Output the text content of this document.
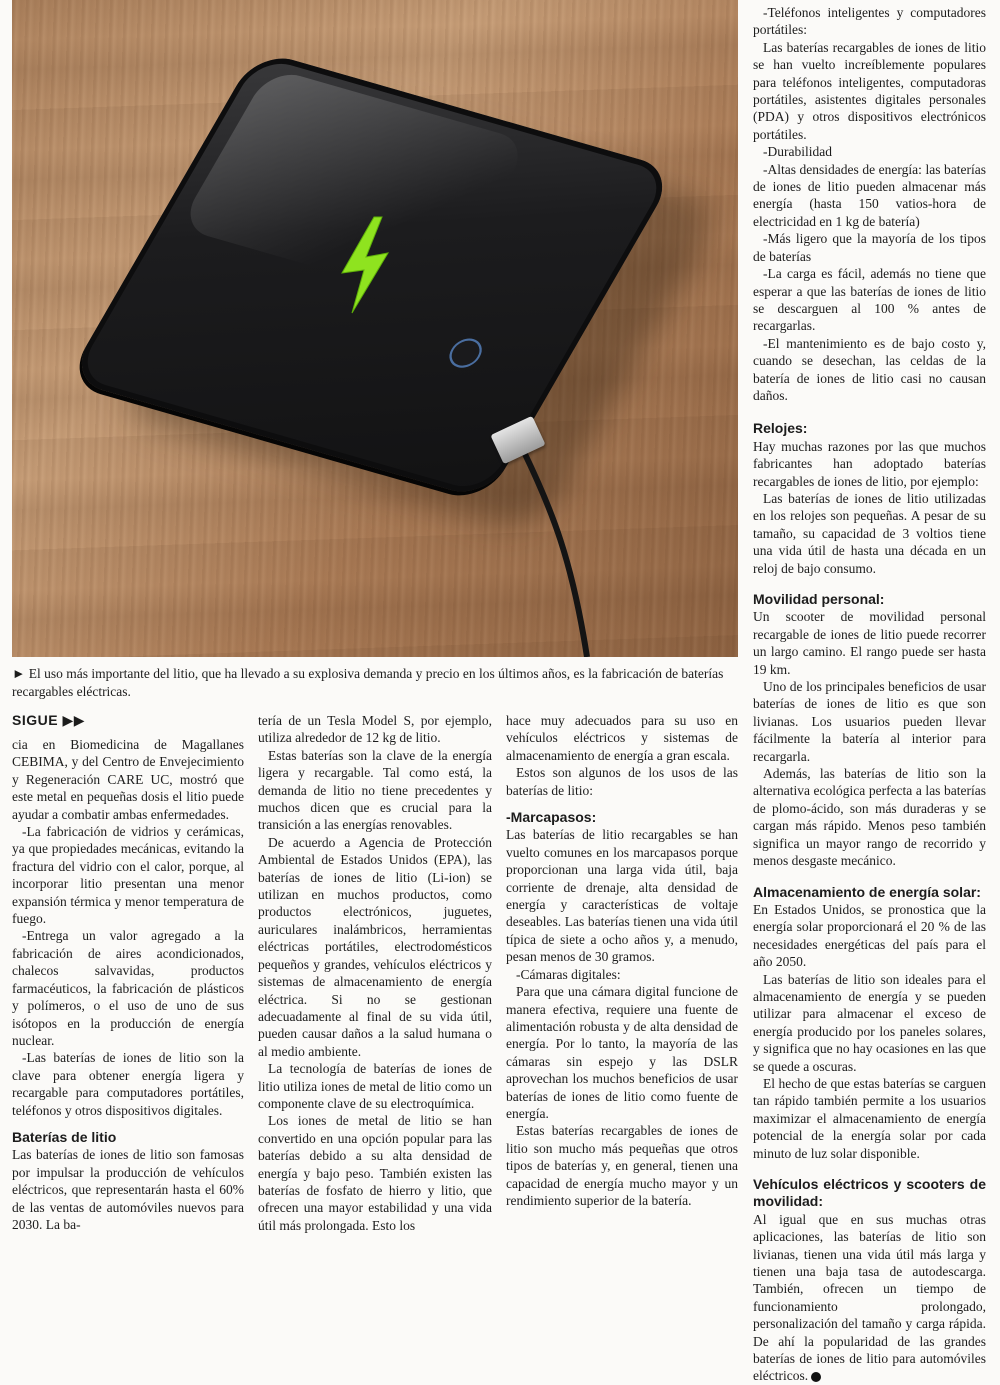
► El uso más importante del litio, que ha llevado a su explosiva demanda y precio en los últimos años, es la fabricación de baterías recargables eléctricas.
SIGUE ▶▶

cia en Biomedicina de Magallanes CEBIMA, y del Centro de Envejecimiento y Regeneración CARE UC, mostró que este metal en pequeñas dosis el litio puede ayudar a combatir ambas enfermedades.

-La fabricación de vidrios y cerámicas, ya que propiedades mecánicas, evitando la fractura del vidrio con el calor, porque, al incorporar litio presentan una menor expansión térmica y menor temperatura de fuego.

-Entrega un valor agregado a la fabricación de aires acondicionados, chalecos salvavidas, productos farmacéuticos, la fabricación de plásticos y polímeros, o el uso de uno de sus isótopos en la producción de energía nuclear.

-Las baterías de iones de litio son la clave para obtener energía ligera y recargable para computadores portátiles, teléfonos y otros dispositivos digitales.

Baterías de litio

Las baterías de iones de litio son famosas por impulsar la producción de vehículos eléctricos, que representarán hasta el 60% de las ventas de automóviles nuevos para 2030. La ba-

tería de un Tesla Model S, por ejemplo, utiliza alrededor de 12 kg de litio.

Estas baterías son la clave de la energía ligera y recargable. Tal como está, la demanda de litio no tiene precedentes y muchos dicen que es crucial para la transición a las energías renovables.

De acuerdo a Agencia de Protección Ambiental de Estados Unidos (EPA), las baterías de iones de litio (Li-ion) se utilizan en muchos productos, como productos electrónicos, juguetes, auriculares inalámbricos, herramientas eléctricas portátiles, electrodomésticos pequeños y grandes, vehículos eléctricos y sistemas de almacenamiento de energía eléctrica. Si no se gestionan adecuadamente al final de su vida útil, pueden causar daños a la salud humana o al medio ambiente.

La tecnología de baterías de iones de litio utiliza iones de metal de litio como un componente clave de su electroquímica.

Los iones de metal de litio se han convertido en una opción popular para las baterías debido a su alta densidad de energía y bajo peso. También existen las baterías de fosfato de hierro y litio, que ofrecen una mayor estabilidad y una vida útil más prolongada. Esto los

hace muy adecuados para su uso en vehículos eléctricos y sistemas de almacenamiento de energía a gran escala.

Estos son algunos de los usos de las baterías de litio:

-Marcapasos:

Las baterías de litio recargables se han vuelto comunes en los marcapasos porque proporcionan una larga vida útil, baja corriente de drenaje, alta densidad de energía y características de voltaje deseables. Las baterías tienen una vida útil típica de siete a ocho años y, a menudo, pesan menos de 30 gramos.

-Cámaras digitales:

Para que una cámara digital funcione de manera efectiva, requiere una fuente de alimentación robusta y de alta densidad de energía. Por lo tanto, la mayoría de las cámaras sin espejo y las DSLR aprovechan los muchos beneficios de usar baterías de iones de litio como fuente de energía.

Estas baterías recargables de iones de litio son mucho más pequeñas que otros tipos de baterías y, en general, tienen una capacidad de energía mucho mayor y un rendimiento superior de la batería.

-Teléfonos inteligentes y computadores portátiles:

Las baterías recargables de iones de litio se han vuelto increíblemente populares para teléfonos inteligentes, computadoras portátiles, asistentes digitales personales (PDA) y otros dispositivos electrónicos portátiles.

-Durabilidad

-Altas densidades de energía: las baterías de iones de litio pueden almacenar más energía (hasta 150 vatios-hora de electricidad en 1 kg de batería)

-Más ligero que la mayoría de los tipos de baterías

-La carga es fácil, además no tiene que esperar a que las baterías de iones de litio se descarguen al 100 % antes de recargarlas.

-El mantenimiento es de bajo costo y, cuando se desechan, las celdas de la batería de iones de litio casi no causan daños.

Relojes:

Hay muchas razones por las que muchos fabricantes han adoptado baterías recargables de iones de litio, por ejemplo:

Las baterías de iones de litio utilizadas en los relojes son pequeñas. A pesar de su tamaño, su capacidad de 3 voltios tiene una vida útil de hasta una década en un reloj de bajo consumo.

Movilidad personal:

Un scooter de movilidad personal recargable de iones de litio puede recorrer un largo camino. El rango puede ser hasta 19 km.

Uno de los principales beneficios de usar baterías de iones de litio es que son livianas. Los usuarios pueden llevar fácilmente la batería al interior para recargarla.

Además, las baterías de litio son la alternativa ecológica perfecta a las baterías de plomo-ácido, son más duraderas y se cargan más rápido. Menos peso también significa un mayor rango de recorrido y menos desgaste mecánico.

Almacenamiento de energía solar:

En Estados Unidos, se pronostica que la energía solar proporcionará el 20 % de las necesidades energéticas del país para el año 2050.

Las baterías de litio son ideales para el almacenamiento de energía y se pueden utilizar para almacenar el exceso de energía producido por los paneles solares, y significa que no hay ocasiones en las que se quede a oscuras.

El hecho de que estas baterías se carguen tan rápido también permite a los usuarios maximizar el almacenamiento de energía potencial de la energía solar por cada minuto de luz solar disponible.

Vehículos eléctricos y scooters de movilidad:

Al igual que en sus muchas otras aplicaciones, las baterías de litio son livianas, tienen una vida útil más larga y tienen una baja tasa de autodescarga. También, ofrecen un tiempo de funcionamiento prolongado, personalización del tamaño y carga rápida. De ahí la popularidad de las grandes baterías de iones de litio para automóviles eléctricos.
